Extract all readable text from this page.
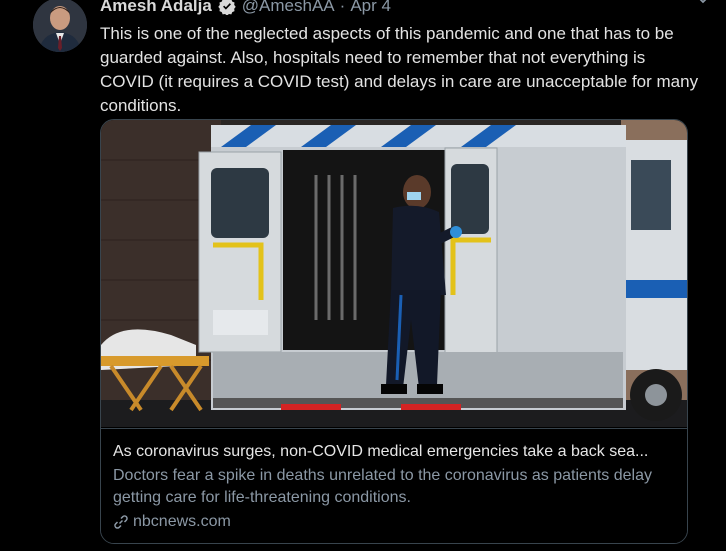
Amesh Adalja @AmeshAA · Apr 4

This is one of the neglected aspects of this pandemic and one that has to be guarded against. Also, hospitals need to remember that not everything is COVID (it requires a COVID test) and delays in care are unacceptable for many conditions.

As coronavirus surges, non-COVID medical emergencies take a back sea...

Doctors fear a spike in deaths unrelated to the coronavirus as patients delay getting care for life-threatening conditions.

nbcnews.com
